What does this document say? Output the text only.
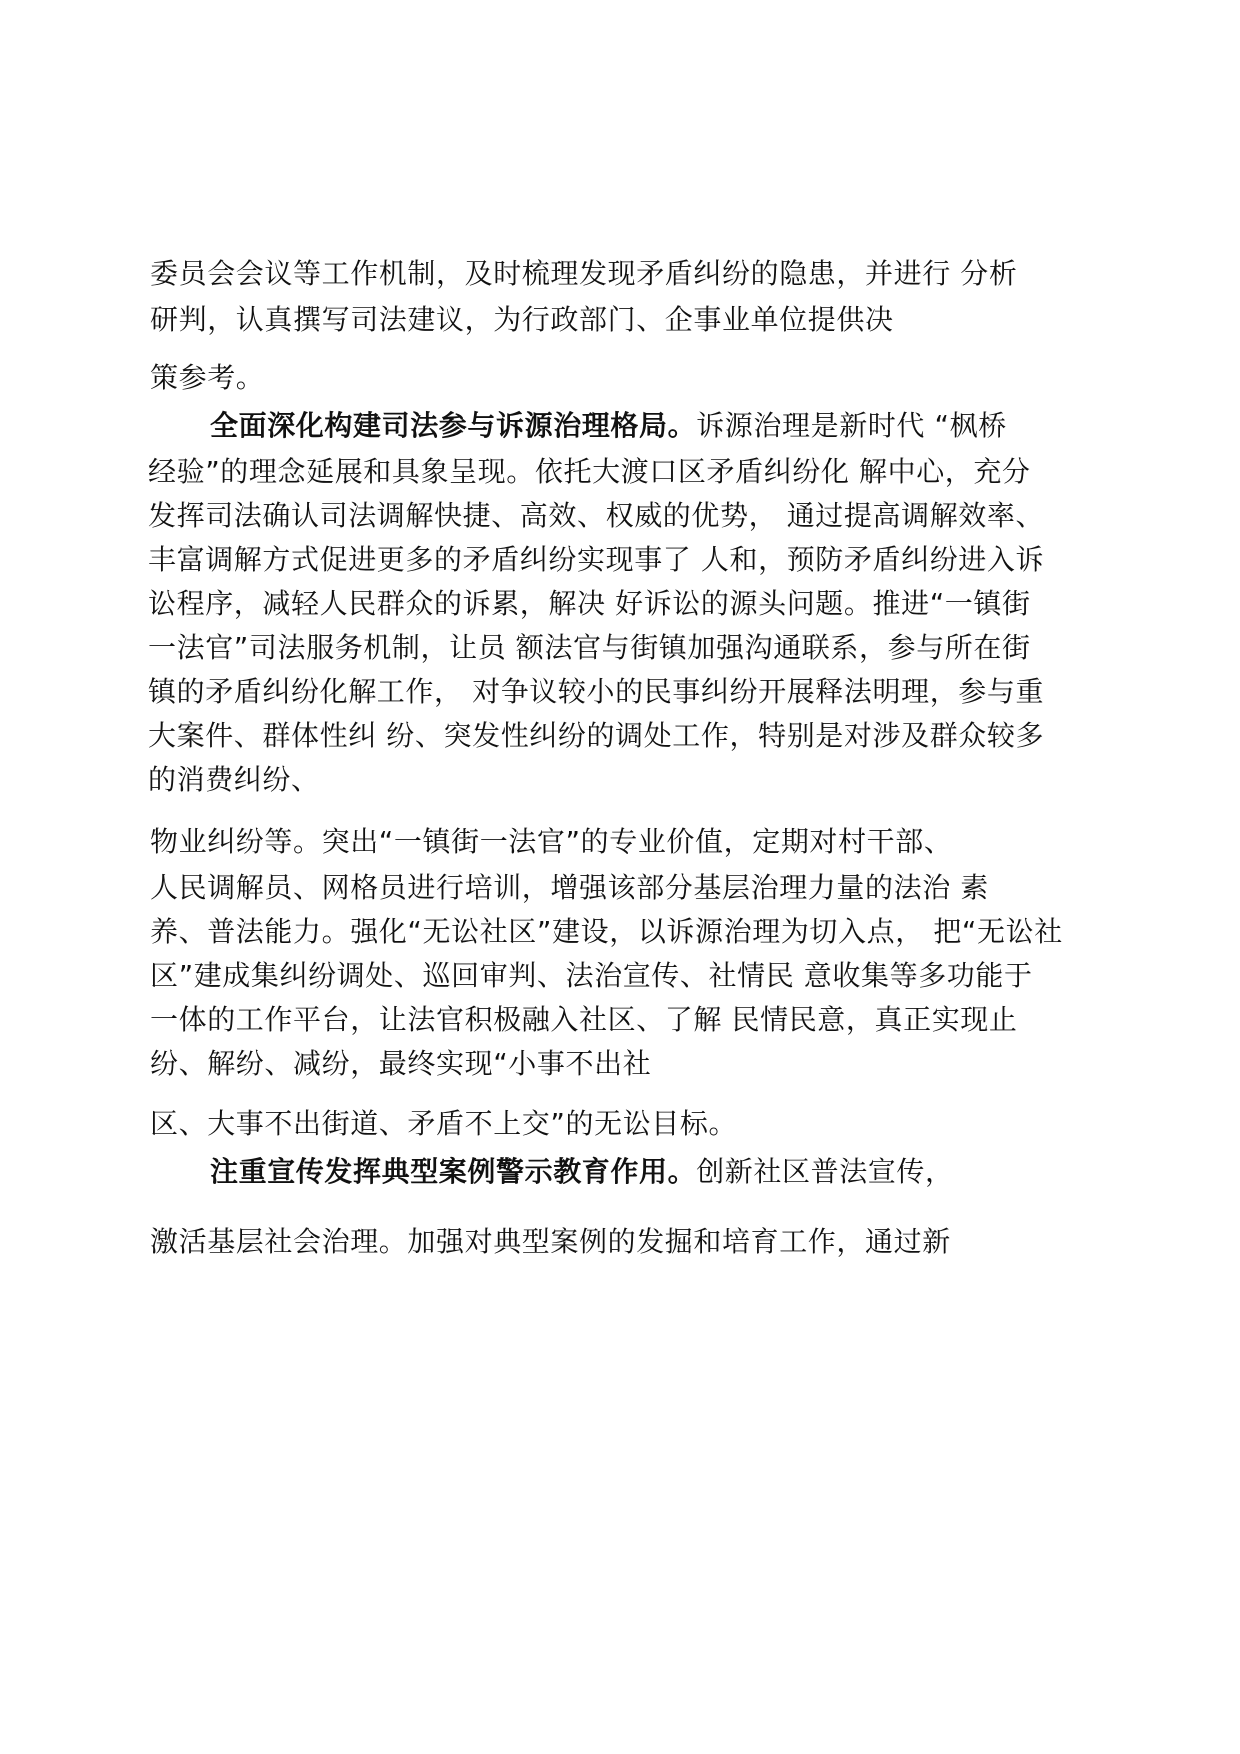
委员会会议等工作机制，及时梳理发现矛盾纠纷的隐患，并进行 分析
研判，认真撰写司法建议，为行政部门、企事业单位提供决
策参考。
全面深化构建司法参与诉源治理格局。诉源治理是新时代 “枫桥
经验”的理念延展和具象呈现。依托大渡口区矛盾纠纷化 解中心，充分
发挥司法确认司法调解快捷、高效、权威的优势， 通过提高调解效率、
丰富调解方式促进更多的矛盾纠纷实现事了 人和，预防矛盾纠纷进入诉
讼程序，减轻人民群众的诉累，解决 好诉讼的源头问题。推进“一镇街
一法官”司法服务机制，让员 额法官与街镇加强沟通联系，参与所在街
镇的矛盾纠纷化解工作， 对争议较小的民事纠纷开展释法明理，参与重
大案件、群体性纠 纷、突发性纠纷的调处工作，特别是对涉及群众较多
的消费纠纷、
物业纠纷等。突出“一镇街一法官”的专业价值，定期对村干部、
人民调解员、网格员进行培训，增强该部分基层治理力量的法治 素
养、普法能力。强化“无讼社区”建设，以诉源治理为切入点， 把“无讼社
区”建成集纠纷调处、巡回审判、法治宣传、社情民 意收集等多功能于
一体的工作平台，让法官积极融入社区、了解 民情民意，真正实现止
纷、解纷、减纷，最终实现“小事不出社
区、大事不出街道、矛盾不上交”的无讼目标。
注重宣传发挥典型案例警示教育作用。创新社区普法宣传，
激活基层社会治理。加强对典型案例的发掘和培育工作，通过新
